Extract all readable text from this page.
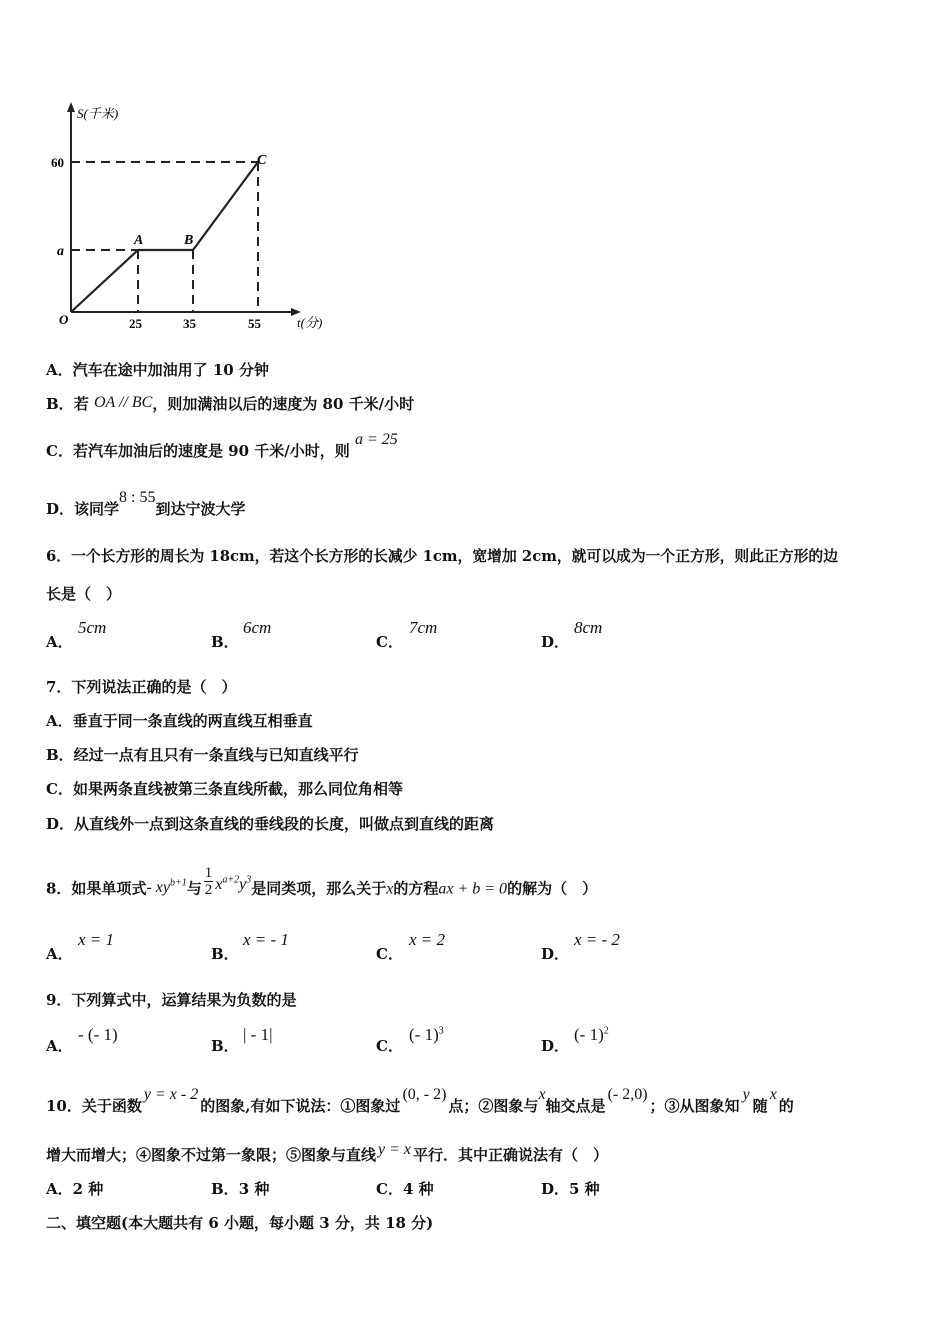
S(千米)
60
a
O	25	35	55	t(分)
A	B
C
A．汽车在途中加油用了 10 分钟
B．若 OA // BC，则加满油以后的速度为 80 千米/小时
C．若汽车加油后的速度是 90 千米/小时，则 a = 25
D．该同学8 : 55到达宁波大学
6．一个长方形的周长为 18cm，若这个长方形的长减少 1cm，宽增加 2cm，就可以成为一个正方形，则此正方形的边
长是（　）
A．
5cm
B．
6cm
C．
7cm
D．
8cm
7．下列说法正确的是（　）
A．垂直于同一条直线的两直线互相垂直
B．经过一点有且只有一条直线与已知直线平行
C．如果两条直线被第三条直线所截，那么同位角相等
D．从直线外一点到这条直线的垂线段的长度，叫做点到直线的距离
8．如果单项式- $xy^{b+1}$与 $\frac{1}{2} x^{a+2}y^3$是同类项，那么关于x的方程ax + b = 0的解为（　）
A．
x = 1
B．
x = - 1
C．
x = 2
D．
x = - 2
9．下列算式中，运算结果为负数的是
A．
- (- 1)
B．
| - 1|
C．
(- 1)$^3$
D．
(- 1)$^2$
10．关于函数y = x - 2的图象,有如下说法：①图象过(0, - 2)点；②图象与x轴交点是(- 2,0)；③从图象知y随x的
增大而增大；④图象不过第一象限；⑤图象与直线 y = x 平行．其中正确说法有（　）
A．2 种	B．3 种	C．4 种	D．5 种
二、填空题(本大题共有 6 小题，每小题 3 分，共 18 分)
